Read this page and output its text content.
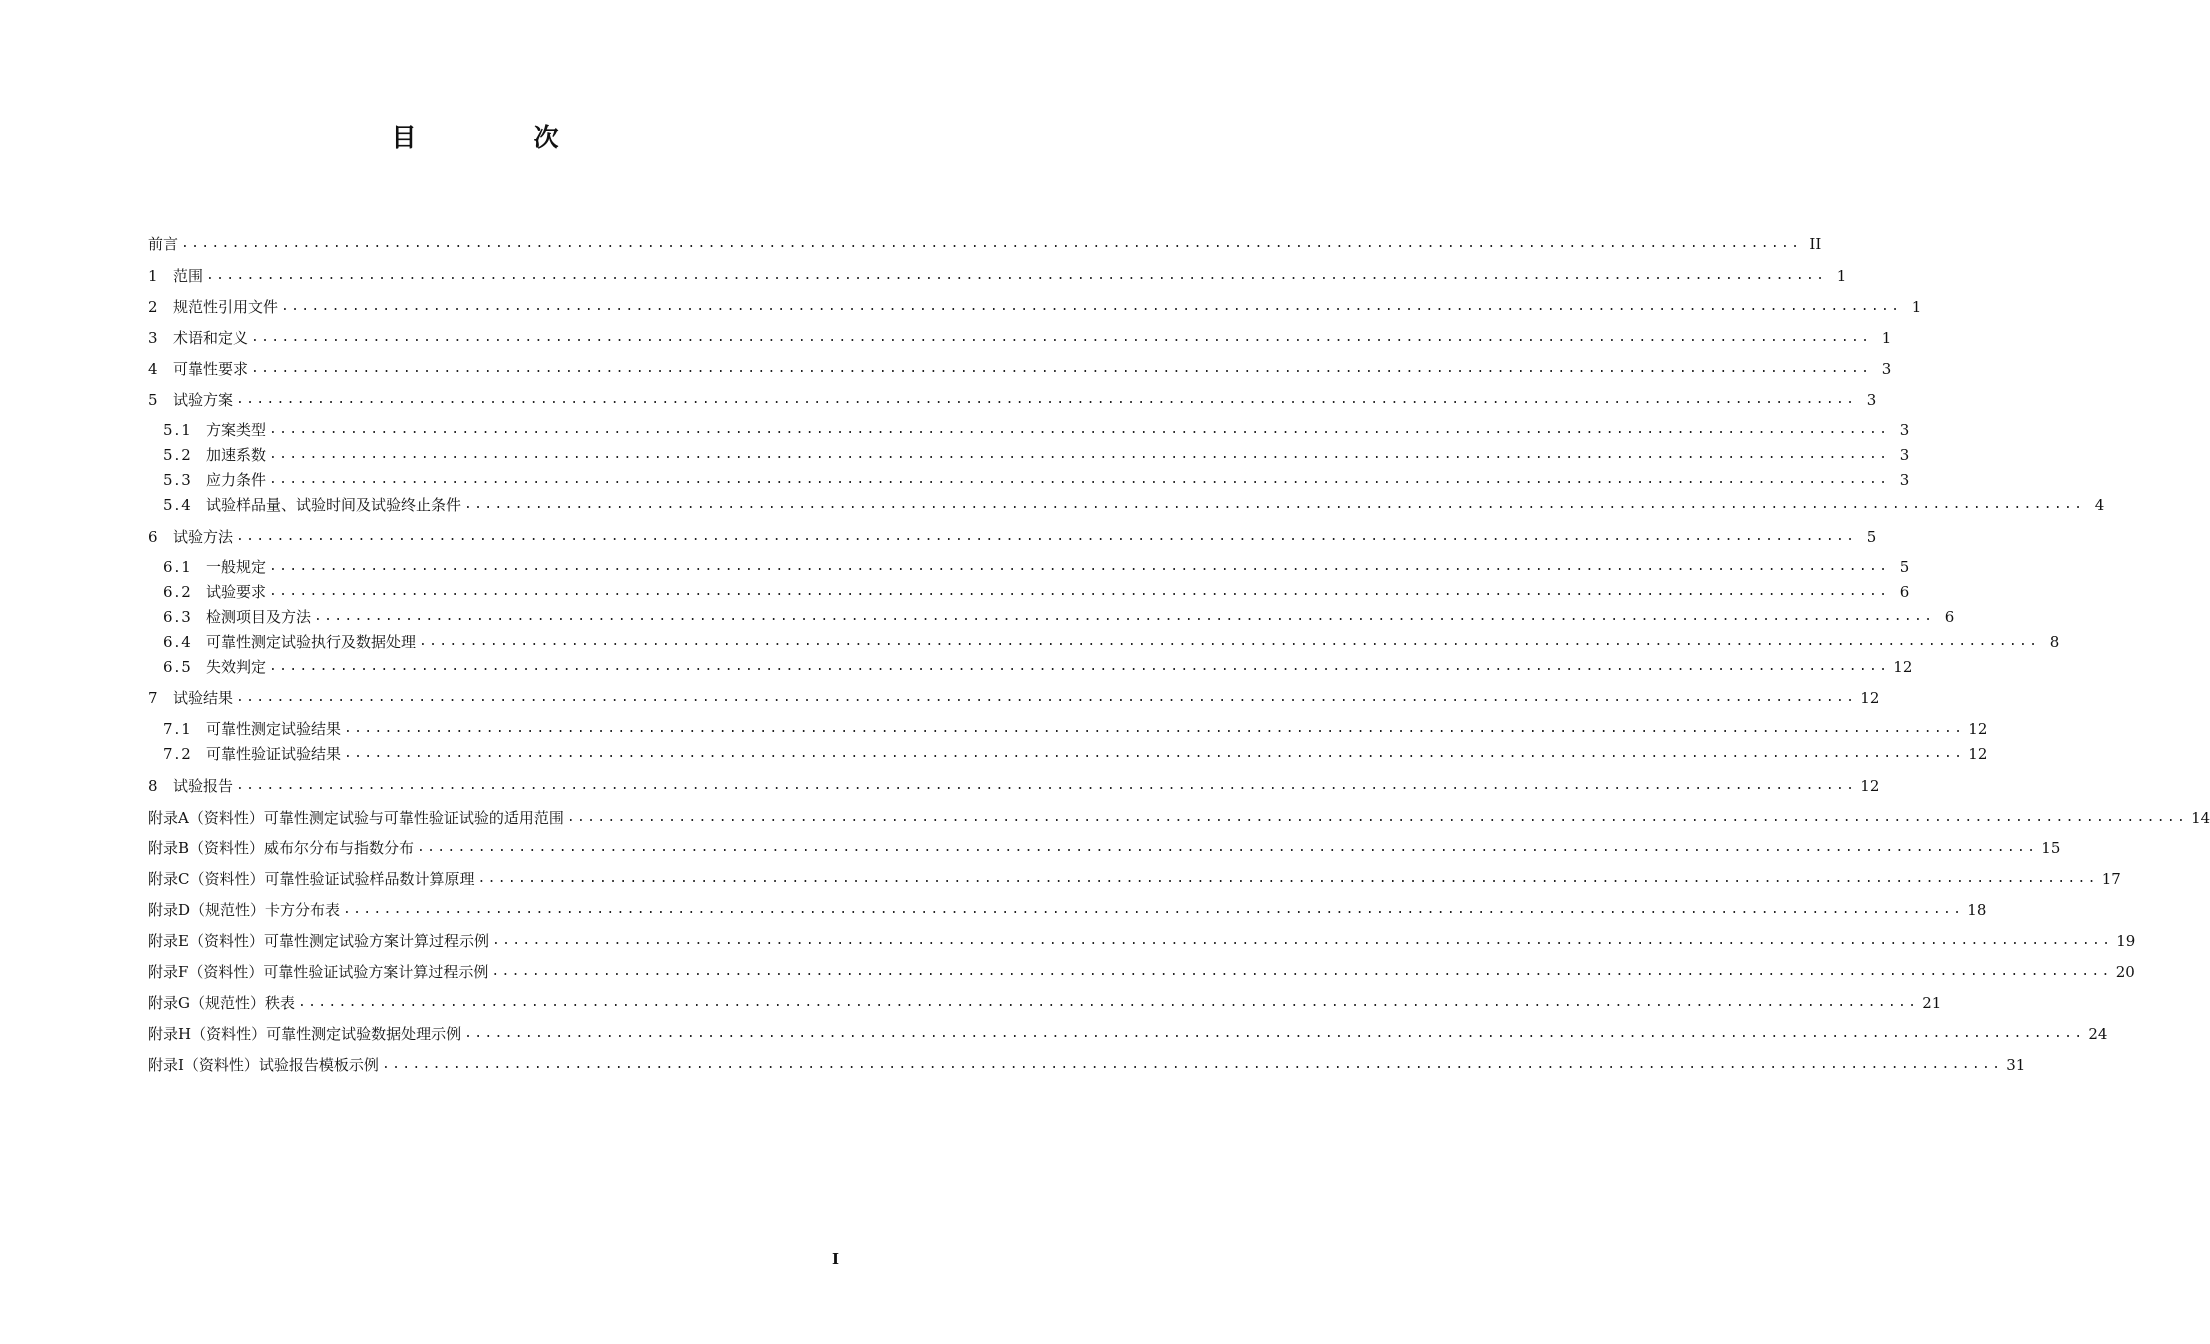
目　次
前言 ................................................................................................................................................................ II
1 范围 ................................................................................................................................................................ 1
2 规范性引用文件 ................................................................................................................................................................ 1
3 术语和定义 ................................................................................................................................................................ 1
4 可靠性要求 ................................................................................................................................................................ 3
5 试验方案 ................................................................................................................................................................ 3
5.1 方案类型 ................................................................................................................................................................ 3
5.2 加速系数 ................................................................................................................................................................ 3
5.3 应力条件 ................................................................................................................................................................ 3
5.4 试验样品量、试验时间及试验终止条件 ................................................................................................................................................................ 4
6 试验方法 ................................................................................................................................................................ 5
6.1 一般规定 ................................................................................................................................................................ 5
6.2 试验要求 ................................................................................................................................................................ 6
6.3 检测项目及方法 ................................................................................................................................................................ 6
6.4 可靠性测定试验执行及数据处理 ................................................................................................................................................................ 8
6.5 失效判定 ................................................................................................................................................................ 12
7 试验结果 ................................................................................................................................................................ 12
7.1 可靠性测定试验结果 ................................................................................................................................................................ 12
7.2 可靠性验证试验结果 ................................................................................................................................................................ 12
8 试验报告 ................................................................................................................................................................ 12
附录A（资料性）可靠性测定试验与可靠性验证试验的适用范围 ................................................................................................................................................................ 14
附录B（资料性）威布尔分布与指数分布 ................................................................................................................................................................ 15
附录C（资料性）可靠性验证试验样品数计算原理 ................................................................................................................................................................ 17
附录D（规范性）卡方分布表 ................................................................................................................................................................ 18
附录E（资料性）可靠性测定试验方案计算过程示例 ................................................................................................................................................................ 19
附录F（资料性）可靠性验证试验方案计算过程示例 ................................................................................................................................................................ 20
附录G（规范性）秩表 ................................................................................................................................................................ 21
附录H（资料性）可靠性测定试验数据处理示例 ................................................................................................................................................................ 24
附录I（资料性）试验报告模板示例 ................................................................................................................................................................ 31
I
